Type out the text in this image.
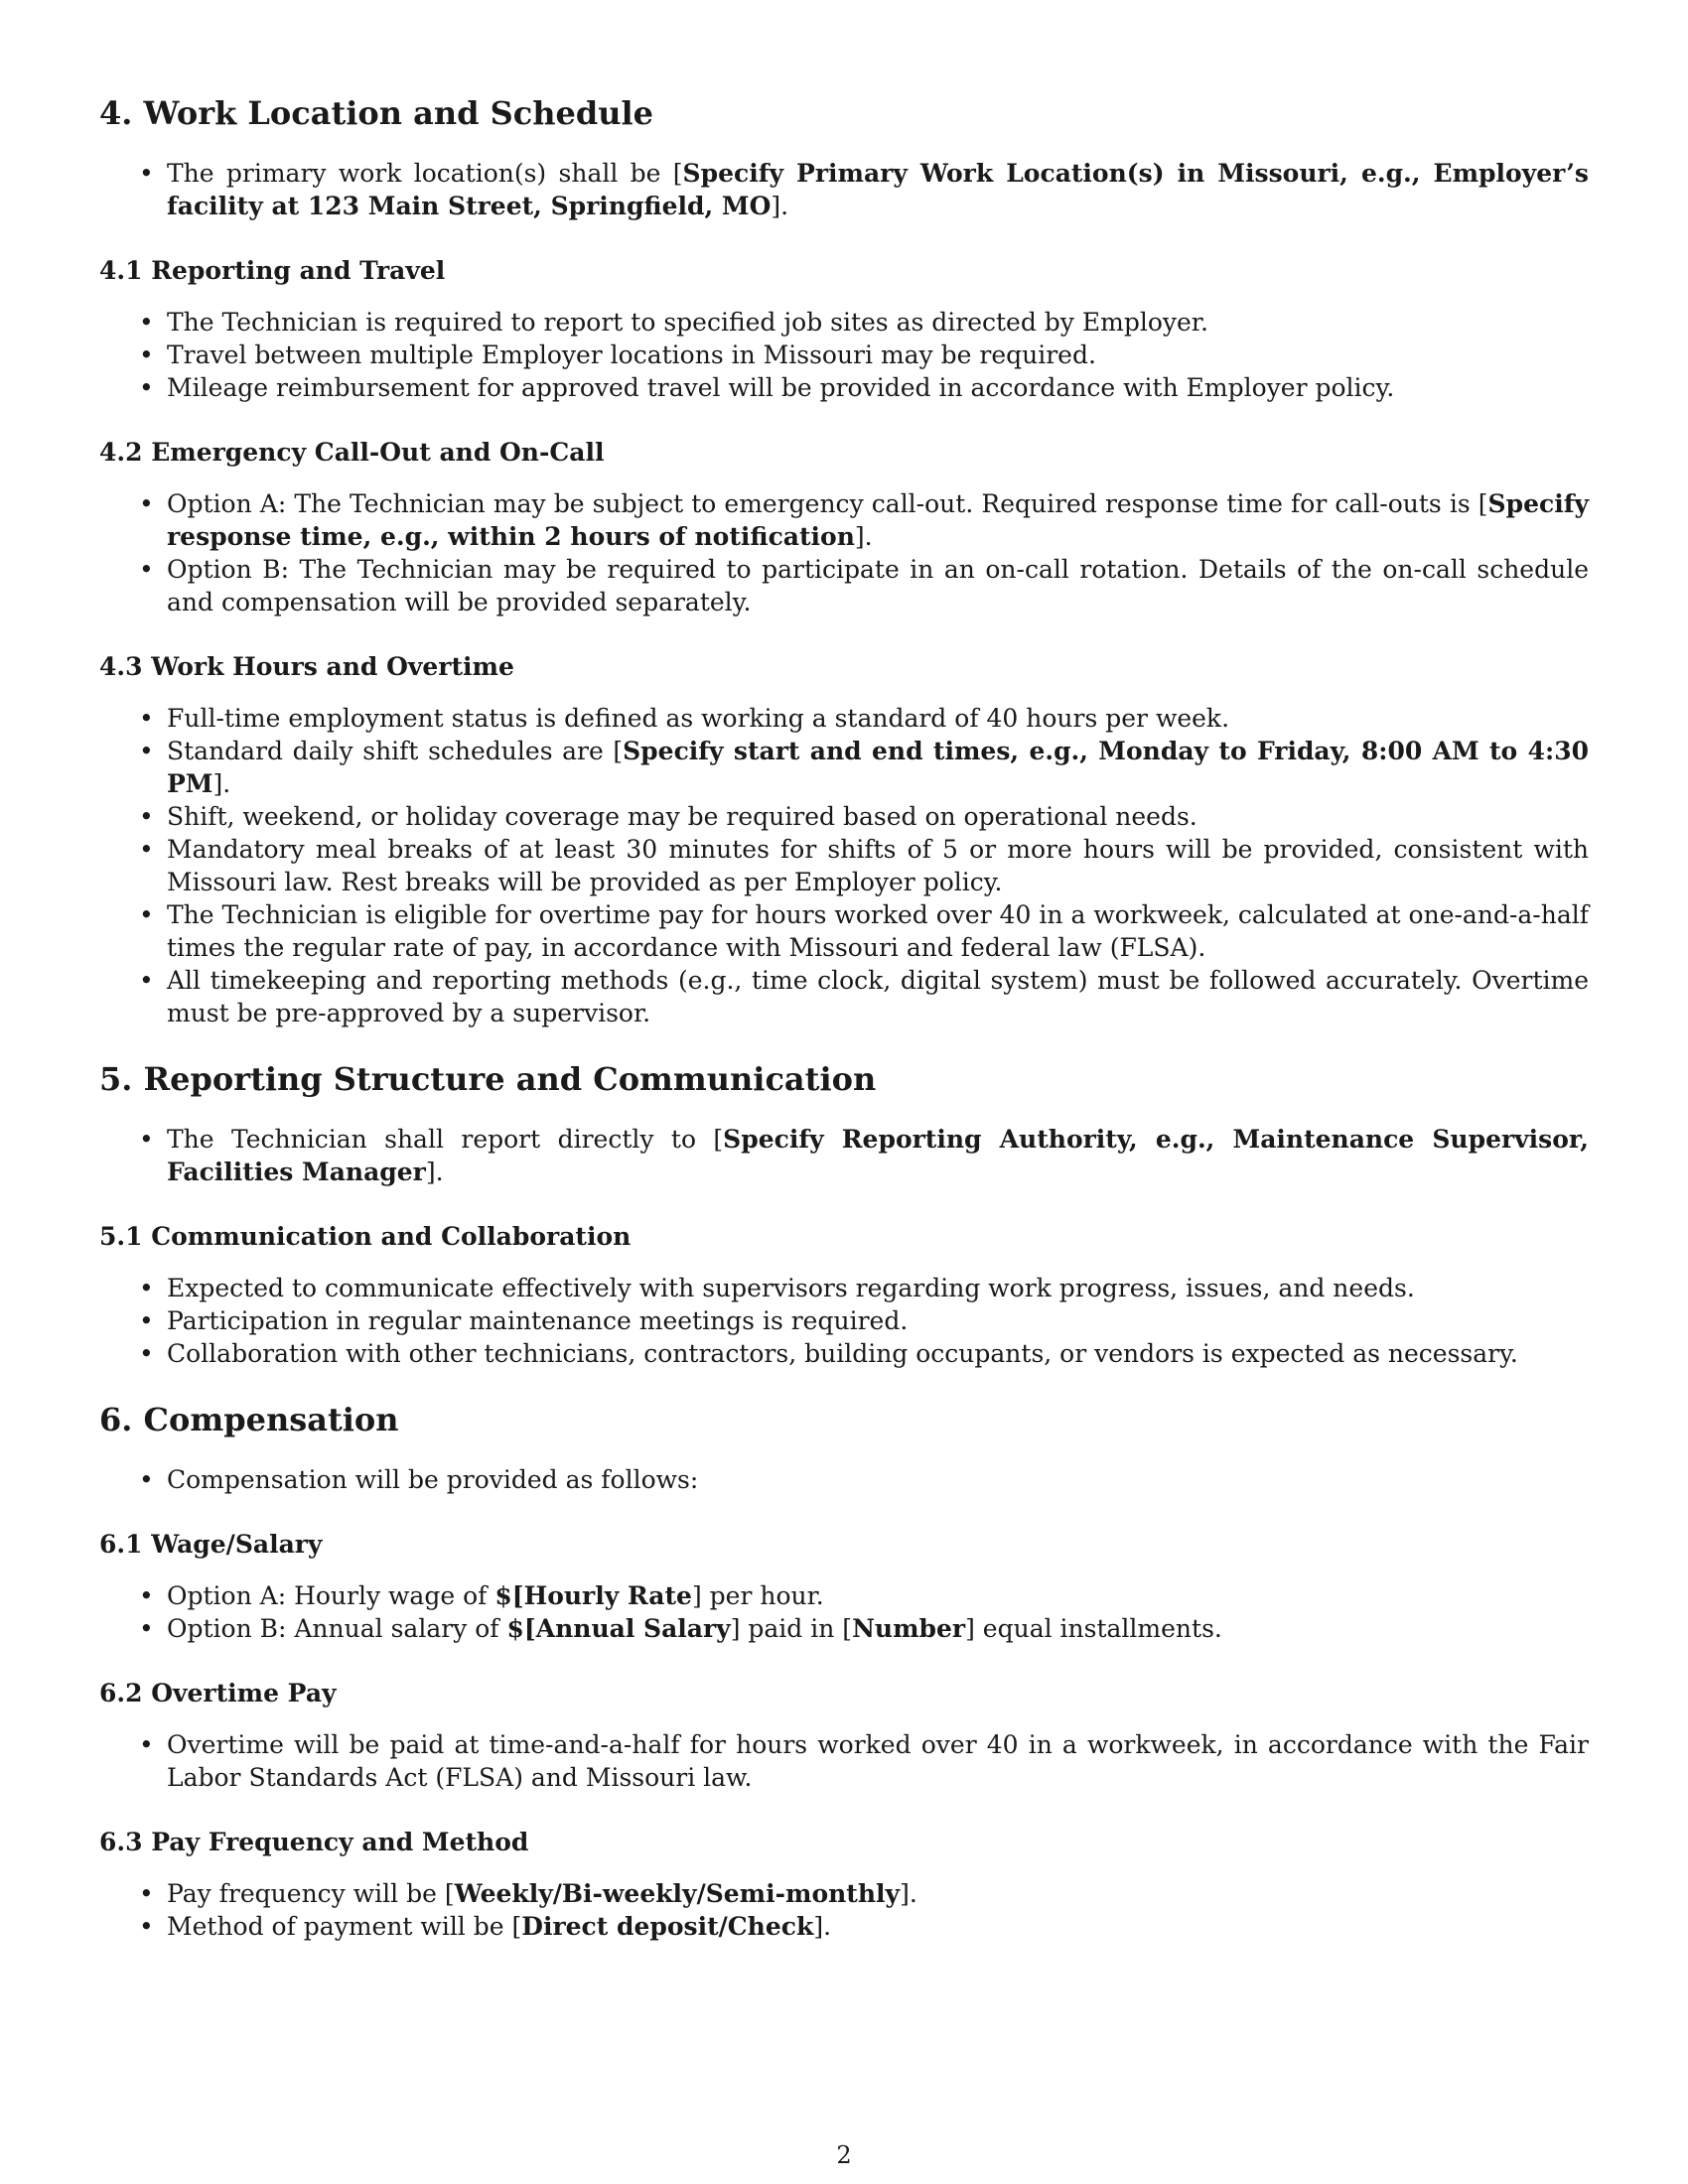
4. Work Location and Schedule
• The primary work location(s) shall be [Specify Primary Work Location(s) in Missouri, e.g., Employer’s facility at 123 Main Street, Springfield, MO].
4.1 Reporting and Travel
• The Technician is required to report to specified job sites as directed by Employer.
• Travel between multiple Employer locations in Missouri may be required.
• Mileage reimbursement for approved travel will be provided in accordance with Employer policy.
4.2 Emergency Call-Out and On-Call
• Option A: The Technician may be subject to emergency call-out. Required response time for call-outs is [Specify response time, e.g., within 2 hours of notification].
• Option B: The Technician may be required to participate in an on-call rotation. Details of the on-call schedule and compensation will be provided separately.
4.3 Work Hours and Overtime
• Full-time employment status is defined as working a standard of 40 hours per week.
• Standard daily shift schedules are [Specify start and end times, e.g., Monday to Friday, 8:00 AM to 4:30 PM].
• Shift, weekend, or holiday coverage may be required based on operational needs.
• Mandatory meal breaks of at least 30 minutes for shifts of 5 or more hours will be provided, consistent with Missouri law. Rest breaks will be provided as per Employer policy.
• The Technician is eligible for overtime pay for hours worked over 40 in a workweek, calculated at one-and-a-half times the regular rate of pay, in accordance with Missouri and federal law (FLSA).
• All timekeeping and reporting methods (e.g., time clock, digital system) must be followed accurately. Overtime must be pre-approved by a supervisor.
5. Reporting Structure and Communication
• The Technician shall report directly to [Specify Reporting Authority, e.g., Maintenance Supervisor, Facilities Manager].
5.1 Communication and Collaboration
• Expected to communicate effectively with supervisors regarding work progress, issues, and needs.
• Participation in regular maintenance meetings is required.
• Collaboration with other technicians, contractors, building occupants, or vendors is expected as necessary.
6. Compensation
• Compensation will be provided as follows:
6.1 Wage/Salary
• Option A: Hourly wage of $[Hourly Rate] per hour.
• Option B: Annual salary of $[Annual Salary] paid in [Number] equal installments.
6.2 Overtime Pay
• Overtime will be paid at time-and-a-half for hours worked over 40 in a workweek, in accordance with the Fair Labor Standards Act (FLSA) and Missouri law.
6.3 Pay Frequency and Method
• Pay frequency will be [Weekly/Bi-weekly/Semi-monthly].
• Method of payment will be [Direct deposit/Check].
2
